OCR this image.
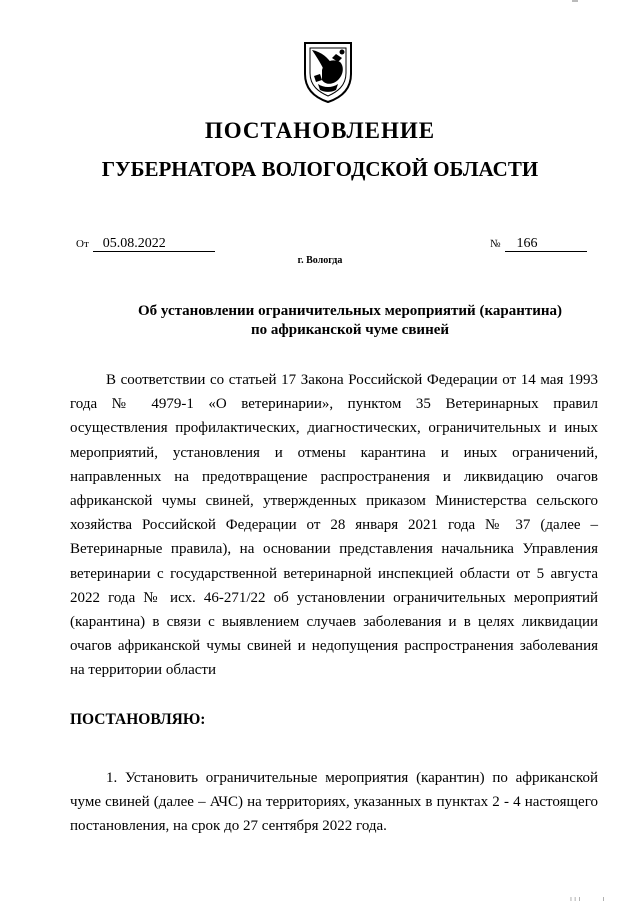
ПОСТАНОВЛЕНИЕ
ГУБЕРНАТОРА ВОЛОГОДСКОЙ ОБЛАСТИ
От 05.08.2022	№ 166
г. Вологда
Об установлении ограничительных мероприятий (карантина)
по африканской чуме свиней
В соответствии со статьей 17 Закона Российской Федерации от 14 мая 1993 года № 4979-1 «О ветеринарии», пунктом 35 Ветеринарных правил осуществления профилактических, диагностических, ограничительных и иных мероприятий, установления и отмены карантина и иных ограничений, направленных на предотвращение распространения и ликвидацию очагов африканской чумы свиней, утвержденных приказом Министерства сельского хозяйства Российской Федерации от 28 января 2021 года № 37 (далее – Ветеринарные правила), на основании представления начальника Управления ветеринарии с государственной ветеринарной инспекцией области от 5 августа 2022 года № исх. 46-271/22 об установлении ограничительных мероприятий (карантина) в связи с выявлением случаев заболевания и в целях ликвидации очагов африканской чумы свиней и недопущения распространения заболевания на территории области
ПОСТАНОВЛЯЮ:
1. Установить ограничительные мероприятия (карантин) по африканской чуме свиней (далее – АЧС) на территориях, указанных в пунктах 2 - 4 настоящего постановления, на срок до 27 сентября 2022 года.
ı ı ı          ı
